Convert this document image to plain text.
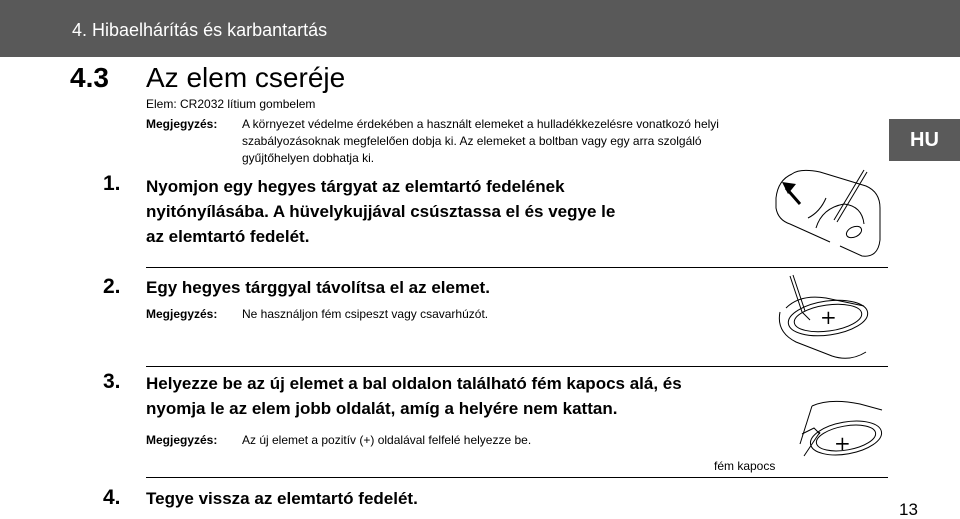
4. Hibaelhárítás és karbantartás
4.3 Az elem cseréje
Elem: CR2032 lítium gombelem
Megjegyzés: A környezet védelme érdekében a használt elemeket a hulladékkezelésre vonatkozó helyi
szabályozásoknak megfelelően dobja ki. Az elemeket a boltban vagy egy arra szolgáló
gyűjtőhelyen dobhatja ki.
HU
1. Nyomjon egy hegyes tárgyat az elemtartó fedelének
nyitónyílásába. A hüvelykujjával csúsztassa el és vegye le
az elemtartó fedelét.
2. Egy hegyes tárggyal távolítsa el az elemet.
Megjegyzés: Ne használjon fém csipeszt vagy csavarhúzót.	+
3. Helyezze be az új elemet a bal oldalon található fém kapocs alá, és
nyomja le az elem jobb oldalát, amíg a helyére nem kattan.
Megjegyzés: Az új elemet a pozitív (+) oldalával felfelé helyezze be.	+
fém kapocs
4. Tegye vissza az elemtartó fedelét.
13
